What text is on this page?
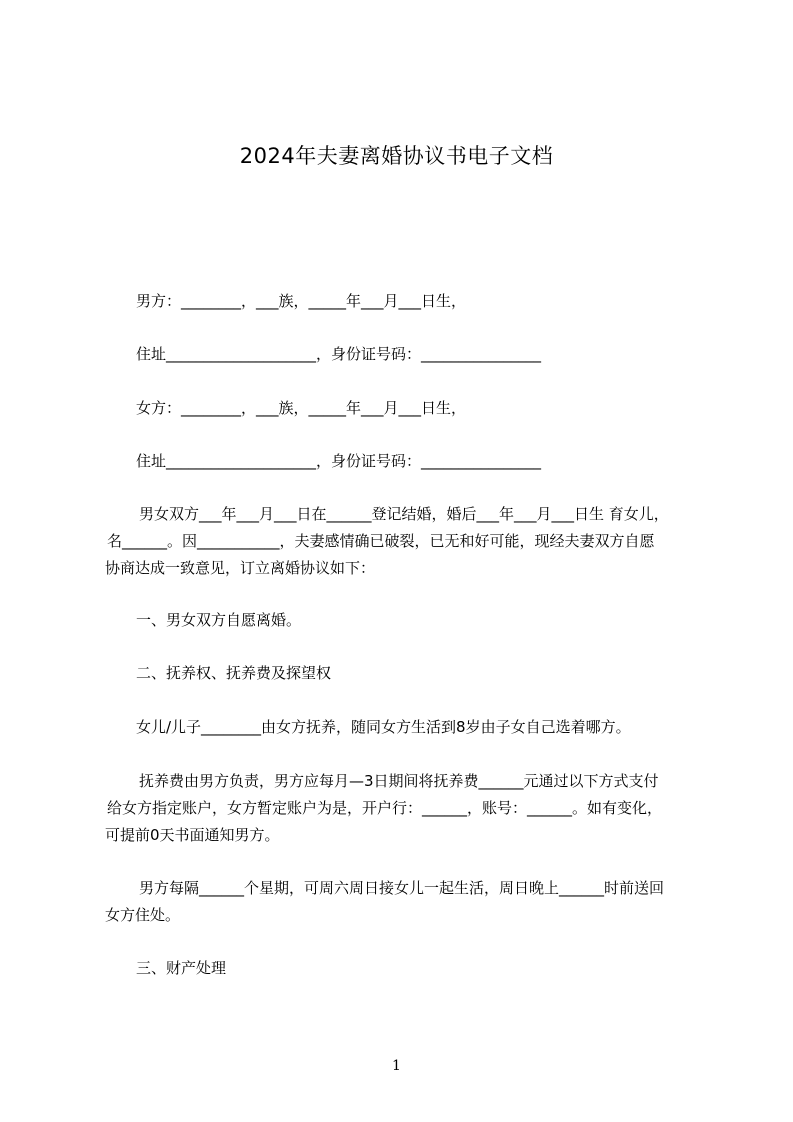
2024年夫妻离婚协议书电子文档
男方：________，___族，_____年___月___日生，
住址____________________，身份证号码：________________
女方：________，___族，_____年___月___日生，
住址____________________，身份证号码：________________
男女双方___年___月___日在______登记结婚，婚后___年___月___日生 育女儿，
名______。因___________，夫妻感情确已破裂，已无和好可能，现经夫妻双方自愿
协商达成一致意见，订立离婚协议如下：
一、男女双方自愿离婚。
二、抚养权、抚养费及探望权
女儿/儿子________由女方抚养，随同女方生活到8岁由子女自己选着哪方。
抚养费由男方负责，男方应每月—3日期间将抚养费______元通过以下方式支付
给女方指定账户，女方暂定账户为是，开户行：______，账号：______。如有变化，
可提前0天书面通知男方。
男方每隔______个星期，可周六周日接女儿一起生活，周日晚上______时前送回
女方住处。
三、财产处理
1
